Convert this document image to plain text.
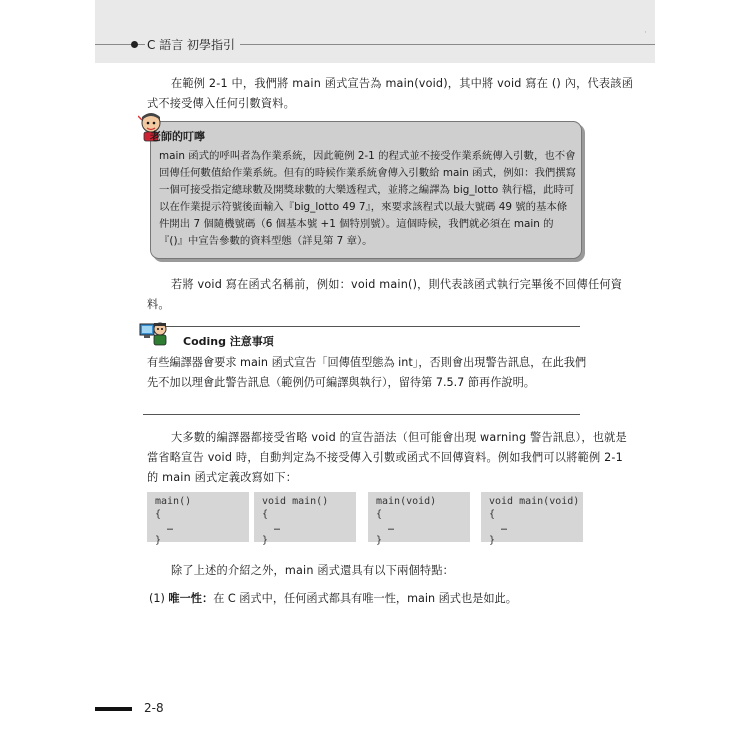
C 語言 初學指引
·

在範例 2-1 中，我們將 main 函式宣告為 main(void)，其中將 void 寫在 () 內，代表該函式不接受傳入任何引數資料。

main 函式的呼叫者為作業系統，因此範例 2-1 的程式並不接受作業系統傳入引數，也不會回傳任何數值給作業系統。但有的時候作業系統會傳入引數給 main 函式，例如：我們撰寫一個可接受指定總球數及開獎球數的大樂透程式，並將之編譯為 big_lotto 執行檔，此時可以在作業提示符號後面輸入『big_lotto 49 7』，來要求該程式以最大號碼 49 號的基本條件開出 7 個隨機號碼（6 個基本號 +1 個特別號）。這個時候，我們就必須在 main 的『()』中宣告參數的資料型態（詳見第 7 章）。
老師的叮嚀

若將 void 寫在函式名稱前，例如：void main()，則代表該函式執行完畢後不回傳任何資料。

Coding 注意事項

有些編譯器會要求 main 函式宣告「回傳值型態為 int」，否則會出現警告訊息，在此我們先不加以理會此警告訊息（範例仍可編譯與執行），留待第 7.5.7 節再作說明。

大多數的編譯器都接受省略 void 的宣告語法（但可能會出現 warning 警告訊息），也就是當省略宣告 void 時，自動判定為不接受傳入引數或函式不回傳資料。例如我們可以將範例 2-1 的 main 函式定義改寫如下：

main()
{
…
}
void main()
{
…
}
main(void)
{
…
}
void main(void)
{
…
}

除了上述的介紹之外，main 函式還具有以下兩個特點：

(1) 唯一性：在 C 函式中，任何函式都具有唯一性，main 函式也是如此。
2-8
